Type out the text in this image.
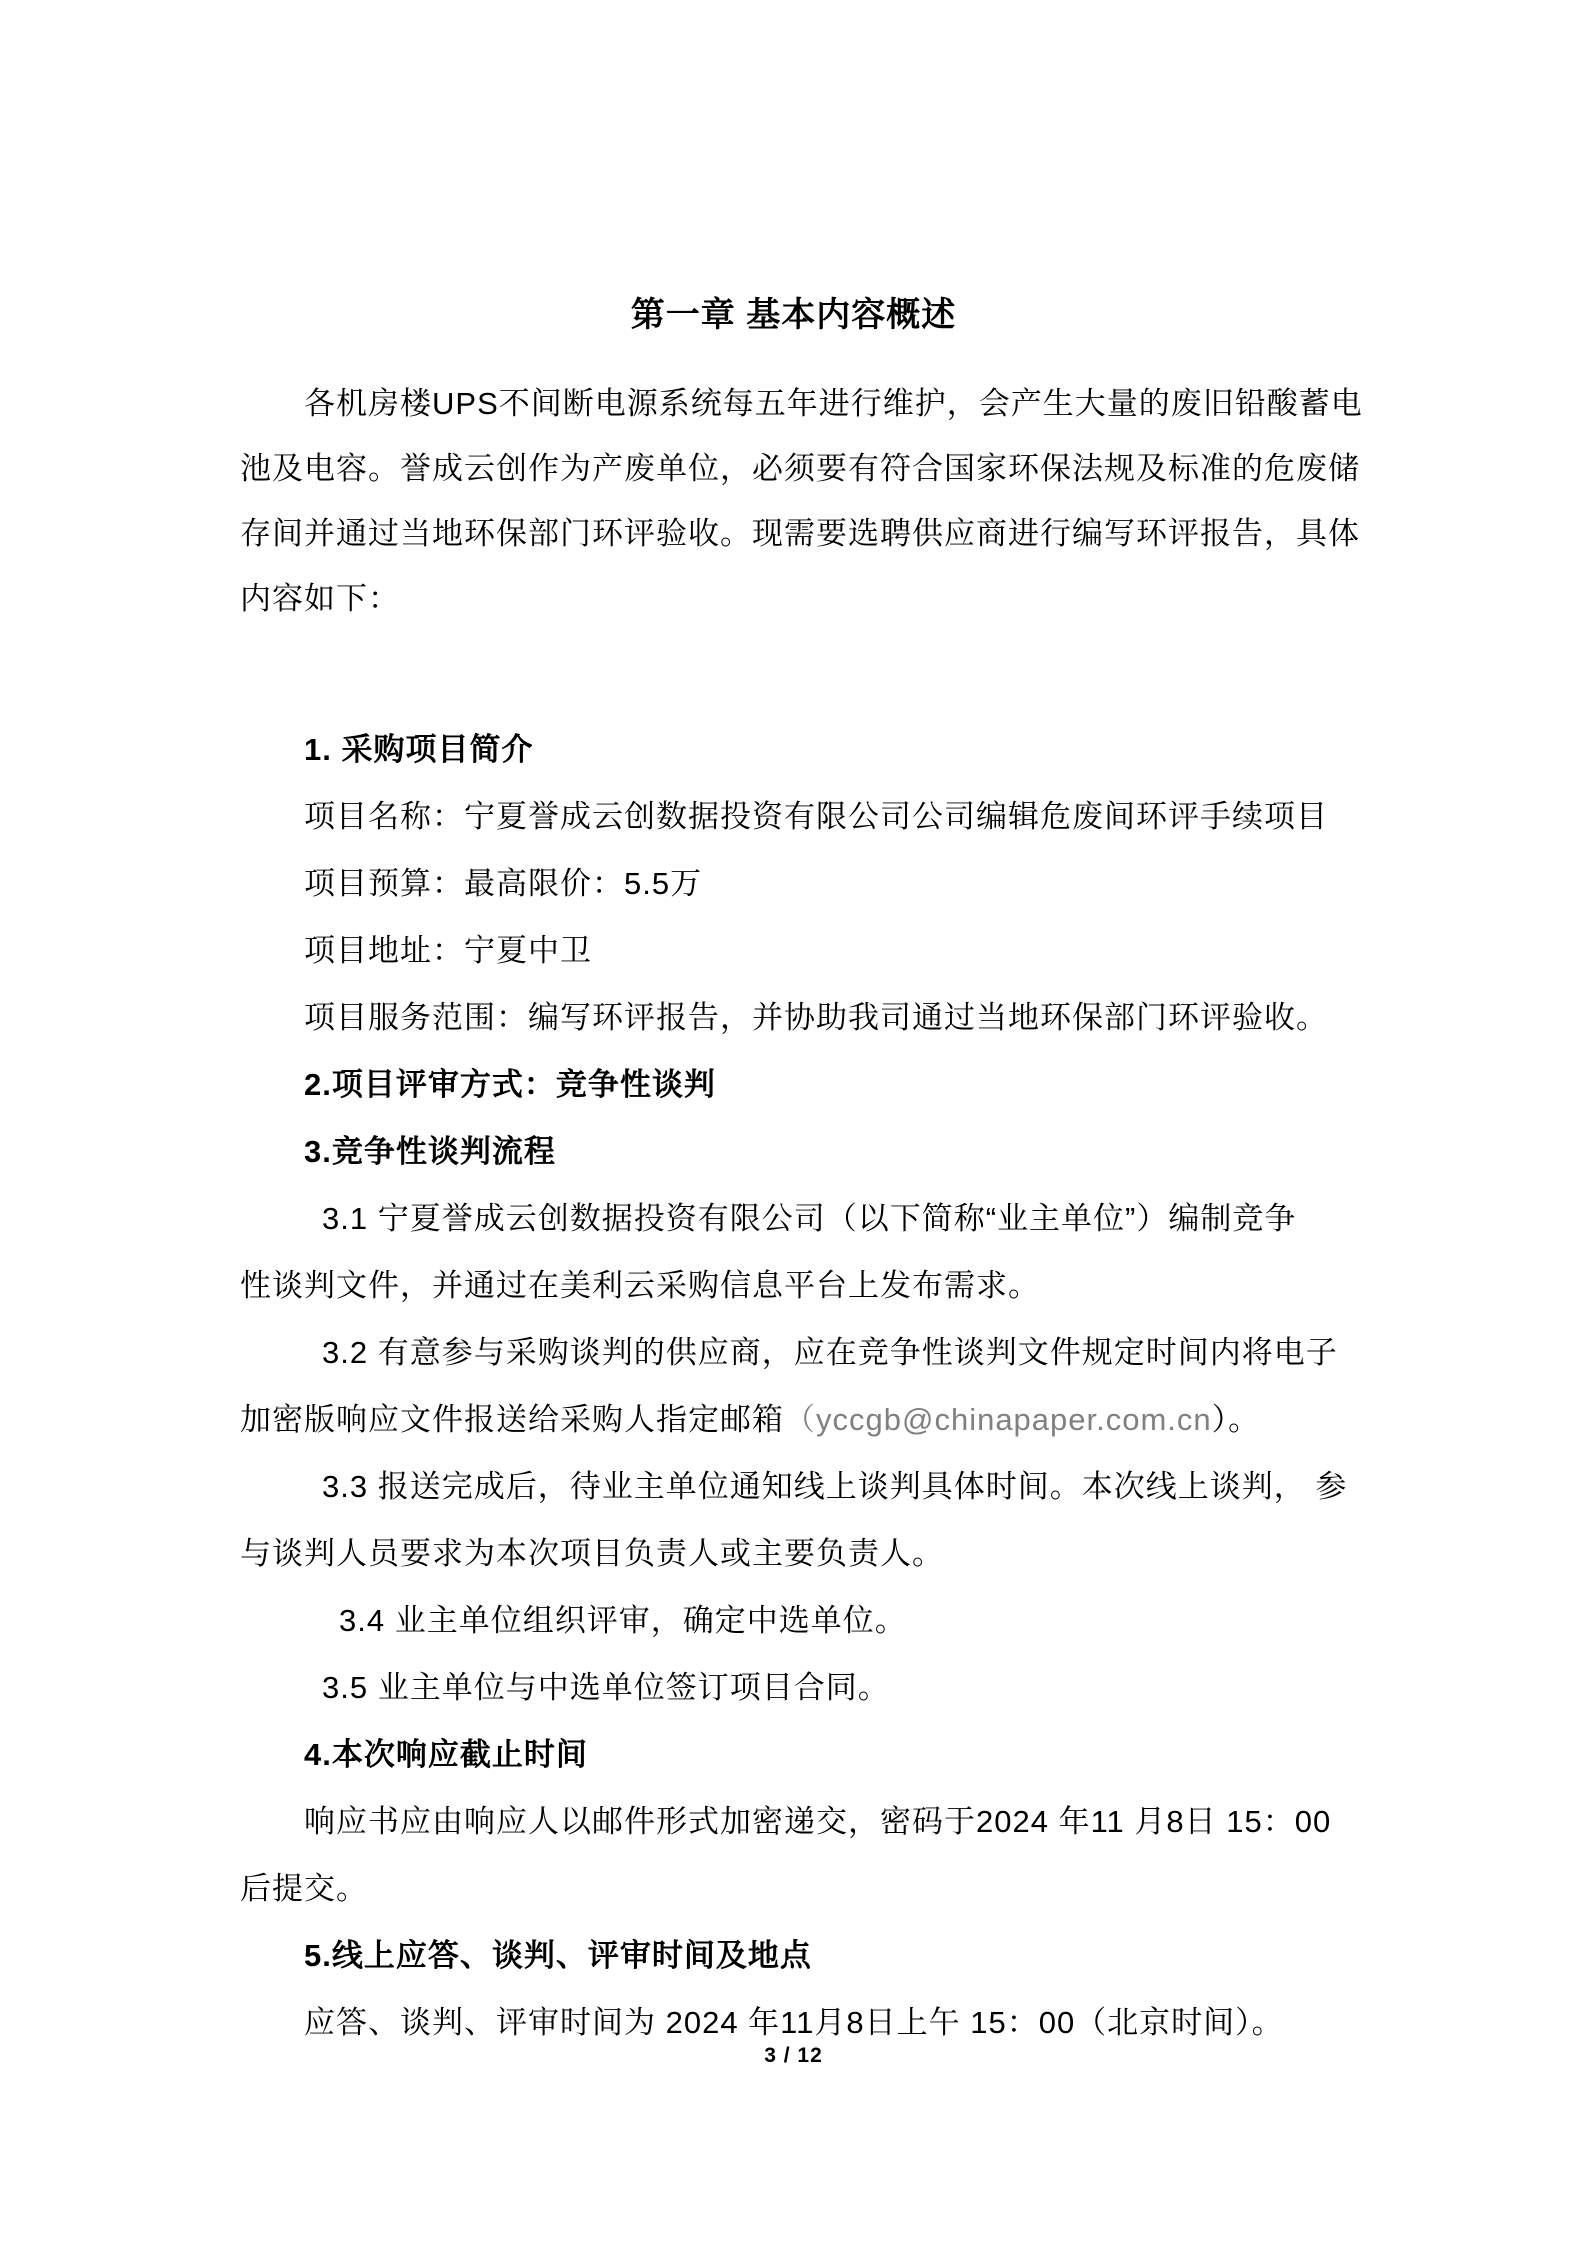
第一章 基本内容概述
各机房楼UPS不间断电源系统每五年进行维护，会产生大量的废旧铅酸蓄电
池及电容。誉成云创作为产废单位，必须要有符合国家环保法规及标准的危废储
存间并通过当地环保部门环评验收。现需要选聘供应商进行编写环评报告，具体
内容如下：
1. 采购项目简介
项目名称：宁夏誉成云创数据投资有限公司公司编辑危废间环评手续项目
项目预算：最高限价：5.5万
项目地址：宁夏中卫
项目服务范围：编写环评报告，并协助我司通过当地环保部门环评验收。
2.项目评审方式：竞争性谈判
3.竞争性谈判流程
3.1 宁夏誉成云创数据投资有限公司（以下简称“业主单位”）编制竞争
性谈判文件，并通过在美利云采购信息平台上发布需求。
3.2 有意参与采购谈判的供应商，应在竞争性谈判文件规定时间内将电子
加密版响应文件报送给采购人指定邮箱（yccgb@chinapaper.com.cn）。
3.3 报送完成后，待业主单位通知线上谈判具体时间。本次线上谈判， 参
与谈判人员要求为本次项目负责人或主要负责人。
3.4 业主单位组织评审，确定中选单位。
3.5 业主单位与中选单位签订项目合同。
4.本次响应截止时间
响应书应由响应人以邮件形式加密递交，密码于2024 年11 月8日 15：00
后提交。
5.线上应答、谈判、评审时间及地点
应答、谈判、评审时间为 2024 年11月8日上午 15：00（北京时间）。
3 / 12
